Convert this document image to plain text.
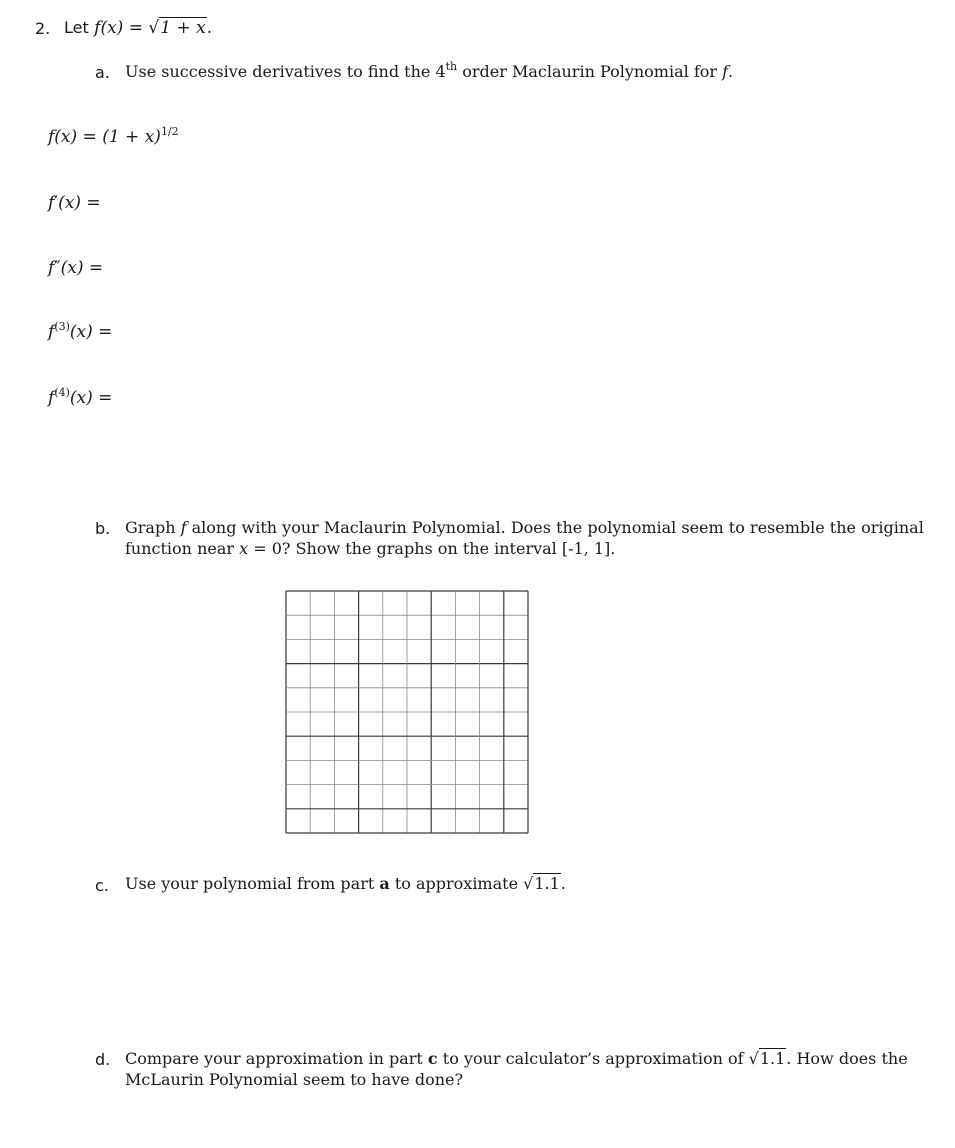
2. Let f(x) = √1 + x.
a. Use successive derivatives to find the 4th order Maclaurin Polynomial for f.
$f(x) = (1 + x)^{1/2}$
f′(x) =
f″(x) =
$f^{(3)}(x)$ =
$f^{(4)}(x)$ =
b. Graph f along with your Maclaurin Polynomial. Does the polynomial seem to resemble the original
function near x = 0? Show the graphs on the interval [-1, 1].
c. Use your polynomial from part a to approximate √1.1.
d. Compare your approximation in part c to your calculator’s approximation of √1.1. How does the
McLaurin Polynomial seem to have done?
